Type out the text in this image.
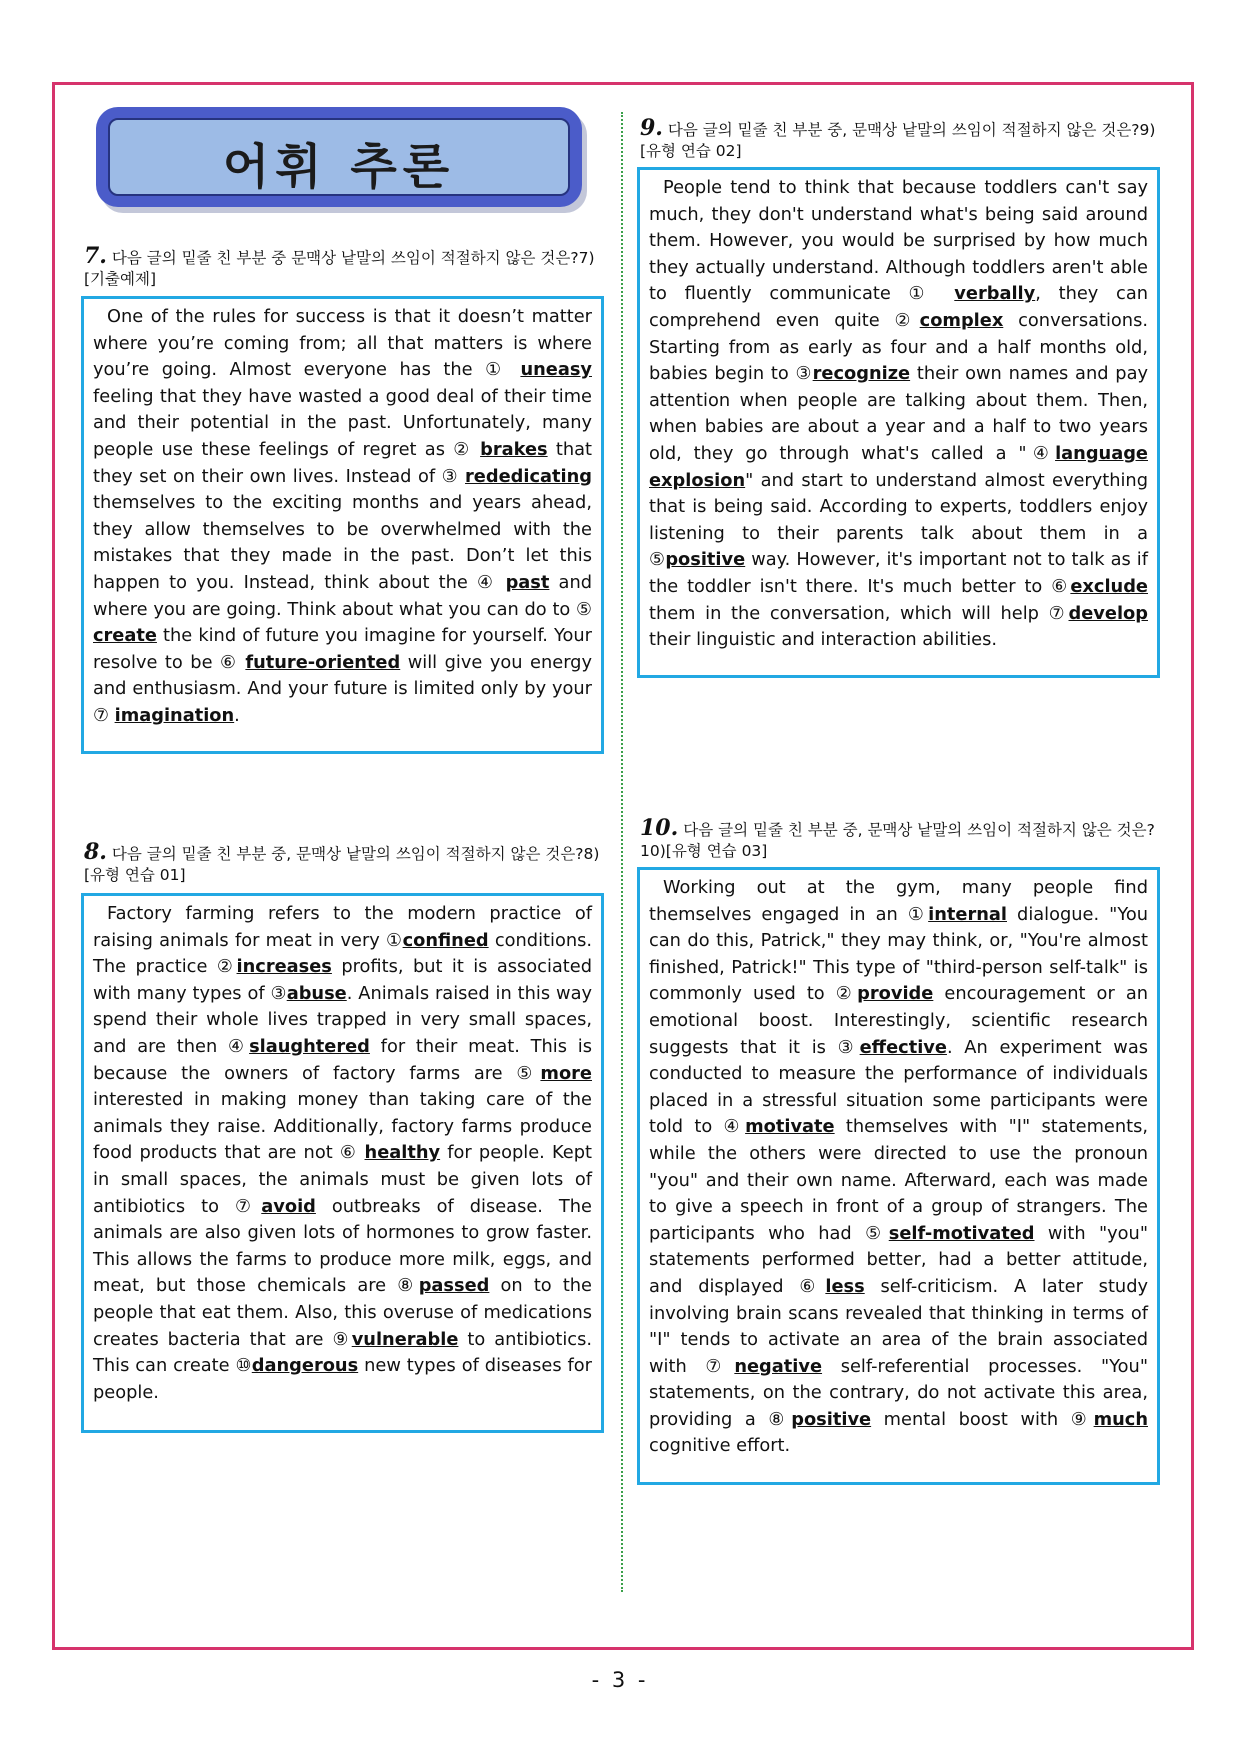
어휘 추론
7. 다음 글의 밑줄 친 부분 중 문맥상 낱말의 쓰임이 적절하지 않은 것은?7)[기출예제]

One of the rules for success is that it doesn’t matter where you’re coming from; all that matters is where you’re going. Almost everyone has the ① uneasy feeling that they have wasted a good deal of their time and their potential in the past. Unfortunately, many people use these feelings of regret as ② brakes that they set on their own lives. Instead of ③ rededicating themselves to the exciting months and years ahead, they allow themselves to be overwhelmed with the mistakes that they made in the past. Don’t let this happen to you. Instead, think about the ④ past and where you are going. Think about what you can do to ⑤ create the kind of future you imagine for yourself. Your resolve to be ⑥ future-oriented will give you energy and enthusiasm. And your future is limited only by your ⑦ imagination.

8. 다음 글의 밑줄 친 부분 중, 문맥상 낱말의 쓰임이 적절하지 않은 것은?8)[유형 연습 01]

Factory farming refers to the modern practice of raising animals for meat in very ①confined conditions. The practice ②increases profits, but it is associated with many types of ③abuse. Animals raised in this way spend their whole lives trapped in very small spaces, and are then ④slaughtered for their meat. This is because the owners of factory farms are ⑤more interested in making money than taking care of the animals they raise. Additionally, factory farms produce food products that are not ⑥ healthy for people. Kept in small spaces, the animals must be given lots of antibiotics to ⑦avoid outbreaks of disease. The animals are also given lots of hormones to grow faster. This allows the farms to produce more milk, eggs, and meat, but those chemicals are ⑧passed on to the people that eat them. Also, this overuse of medications creates bacteria that are ⑨vulnerable to antibiotics. This can create ⑩dangerous new types of diseases for people.

9. 다음 글의 밑줄 친 부분 중, 문맥상 낱말의 쓰임이 적절하지 않은 것은?9)[유형 연습 02]

People tend to think that because toddlers can't say much, they don't understand what's being said around them. However, you would be surprised by how much they actually understand. Although toddlers aren't able to fluently communicate ① verbally, they can comprehend even quite ②complex conversations. Starting from as early as four and a half months old, babies begin to ③recognize their own names and pay attention when people are talking about them. Then, when babies are about a year and a half to two years old, they go through what's called a "④language explosion" and start to understand almost everything that is being said. According to experts, toddlers enjoy listening to their parents talk about them in a ⑤positive way. However, it's important not to talk as if the toddler isn't there. It's much better to ⑥exclude them in the conversation, which will help ⑦develop their linguistic and interaction abilities.

10. 다음 글의 밑줄 친 부분 중, 문맥상 낱말의 쓰임이 적절하지 않은 것은?10)[유형 연습 03]

Working out at the gym, many people find themselves engaged in an ①internal dialogue. "You can do this, Patrick," they may think, or, "You're almost finished, Patrick!" This type of "third-person self-talk" is commonly used to ②provide encouragement or an emotional boost. Interestingly, scientific research suggests that it is ③effective. An experiment was conducted to measure the performance of individuals placed in a stressful situation some participants were told to ④motivate themselves with "I" statements, while the others were directed to use the pronoun "you" and their own name. Afterward, each was made to give a speech in front of a group of strangers. The participants who had ⑤self-motivated with "you" statements performed better, had a better attitude, and displayed ⑥less self-criticism. A later study involving brain scans revealed that thinking in terms of "I" tends to activate an area of the brain associated with ⑦negative self-referential processes. "You" statements, on the contrary, do not activate this area, providing a ⑧positive mental boost with ⑨much cognitive effort.

- 3 -
